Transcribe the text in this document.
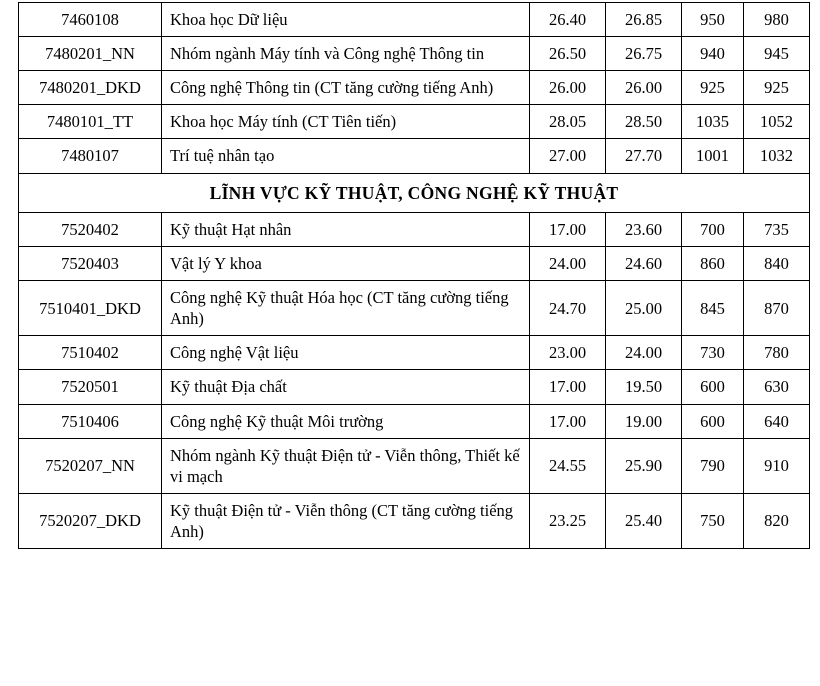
7460108	Khoa học Dữ liệu	26.40	26.85	950	980
7480201_NN	Nhóm ngành Máy tính và Công nghệ Thông tin	26.50	26.75	940	945
7480201_DKD	Công nghệ Thông tin (CT tăng cường tiếng Anh)	26.00	26.00	925	925
7480101_TT	Khoa học Máy tính (CT Tiên tiến)	28.05	28.50	1035	1052
7480107	Trí tuệ nhân tạo	27.00	27.70	1001	1032
LĨNH VỰC KỸ THUẬT, CÔNG NGHỆ KỸ THUẬT					
7520402	Kỹ thuật Hạt nhân	17.00	23.60	700	735
7520403	Vật lý Y khoa	24.00	24.60	860	840
7510401_DKD	Công nghệ Kỹ thuật Hóa học (CT tăng cường tiếng Anh)	24.70	25.00	845	870
7510402	Công nghệ Vật liệu	23.00	24.00	730	780
7520501	Kỹ thuật Địa chất	17.00	19.50	600	630
7510406	Công nghệ Kỹ thuật Môi trường	17.00	19.00	600	640
7520207_NN	Nhóm ngành Kỹ thuật Điện tử - Viễn thông, Thiết kế vi mạch	24.55	25.90	790	910
7520207_DKD	Kỹ thuật Điện tử - Viễn thông (CT tăng cường tiếng Anh)	23.25	25.40	750	820
